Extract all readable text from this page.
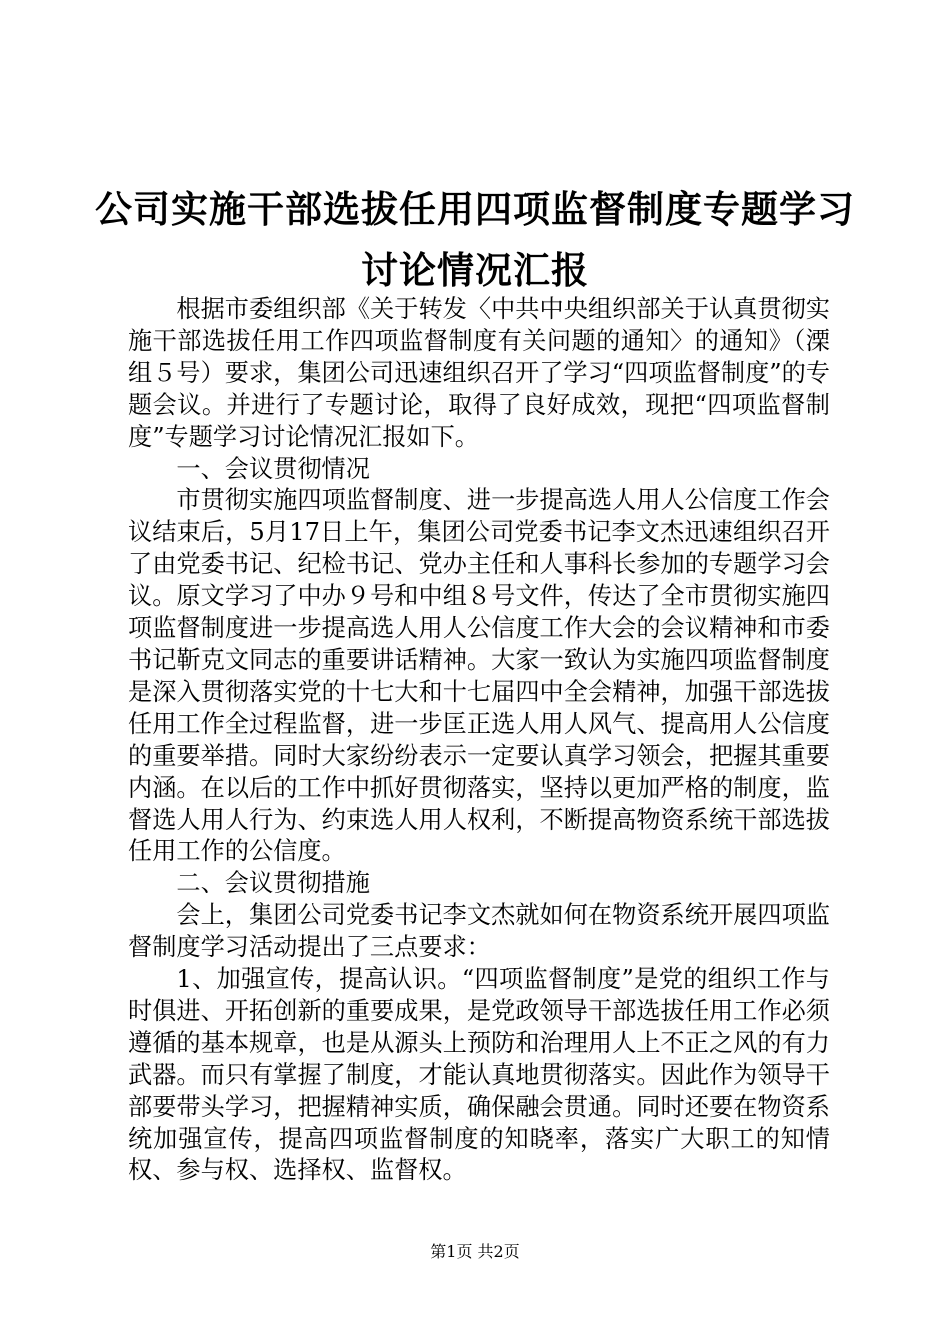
公司实施干部选拔任用四项监督制度专题学习
讨论情况汇报

根据市委组织部《关于转发〈中共中央组织部关于认真贯彻实施干部选拔任用工作四项监督制度有关问题的通知〉的通知》（溧组５号）要求，集团公司迅速组织召开了学习“四项监督制度”的专题会议。并进行了专题讨论，取得了良好成效，现把“四项监督制度”专题学习讨论情况汇报如下。

一、会议贯彻情况

市贯彻实施四项监督制度、进一步提高选人用人公信度工作会议结束后，5月17日上午，集团公司党委书记李文杰迅速组织召开了由党委书记、纪检书记、党办主任和人事科长参加的专题学习会议。原文学习了中办９号和中组８号文件，传达了全市贯彻实施四项监督制度进一步提高选人用人公信度工作大会的会议精神和市委书记靳克文同志的重要讲话精神。大家一致认为实施四项监督制度是深入贯彻落实党的十七大和十七届四中全会精神，加强干部选拔任用工作全过程监督，进一步匡正选人用人风气、提高用人公信度的重要举措。同时大家纷纷表示一定要认真学习领会，把握其重要内涵。在以后的工作中抓好贯彻落实，坚持以更加严格的制度，监督选人用人行为、约束选人用人权利，不断提高物资系统干部选拔任用工作的公信度。

二、会议贯彻措施

会上，集团公司党委书记李文杰就如何在物资系统开展四项监督制度学习活动提出了三点要求：

1、加强宣传，提高认识。“四项监督制度”是党的组织工作与时俱进、开拓创新的重要成果，是党政领导干部选拔任用工作必须遵循的基本规章，也是从源头上预防和治理用人上不正之风的有力武器。而只有掌握了制度，才能认真地贯彻落实。因此作为领导干部要带头学习，把握精神实质，确保融会贯通。同时还要在物资系统加强宣传，提高四项监督制度的知晓率，落实广大职工的知情权、参与权、选择权、监督权。

第1页 共2页
